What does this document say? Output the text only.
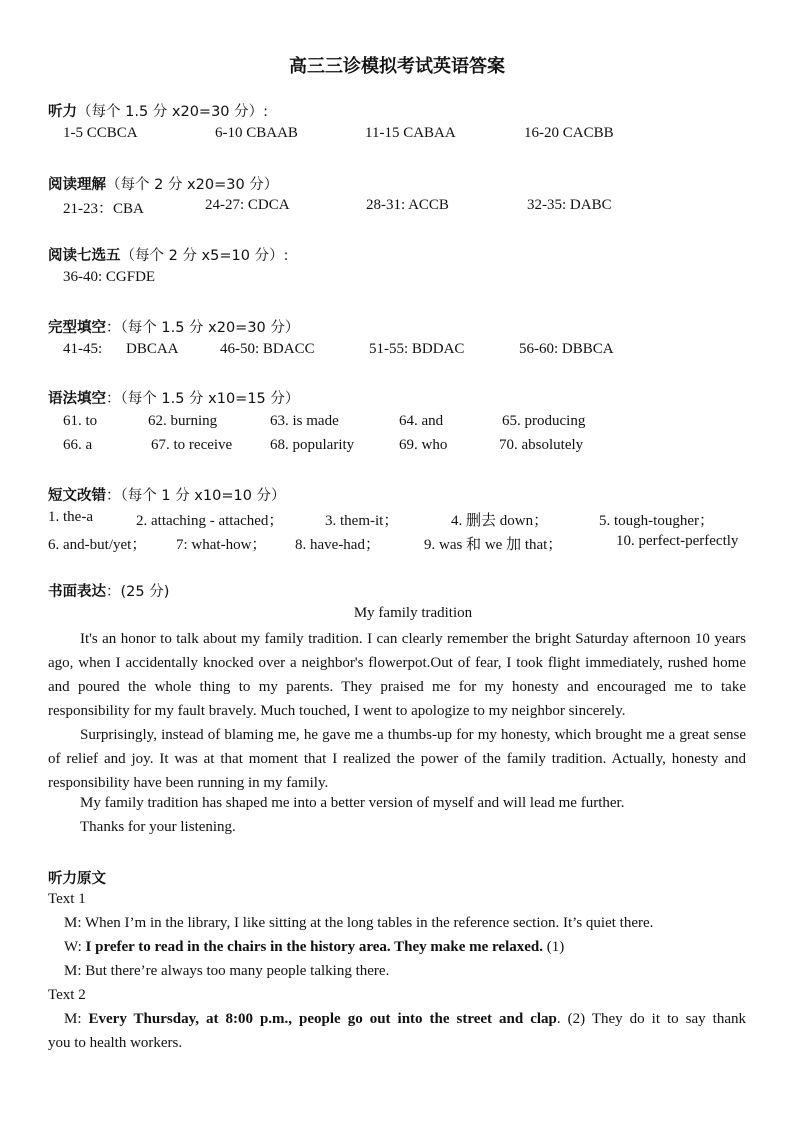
高三三诊模拟考试英语答案
听力（每个 1.5 分 x20=30 分）:
1-5 CCBCA	6-10 CBAAB	11-15 CABAA	16-20 CACBB
阅读理解（每个 2 分 x20=30 分）
21-23：CBA	24-27: CDCA	28-31: ACCB	32-35: DABC
阅读七选五（每个 2 分 x5=10 分）:
36-40: CGFDE
完型填空：（每个 1.5 分 x20=30 分）
41-45: DBCAA	46-50: BDACC	51-55: BDDAC	56-60: DBBCA
语法填空：（每个 1.5 分 x10=15 分）
61. to	62. burning	63. is made	64. and	65. producing
66. a	67. to receive	68. popularity	69. who	70. absolutely
短文改错：（每个 1 分 x10=10 分）
1. the-a	2. attaching - attached；	3. them-it；	4. 删去 down；	5. tough-tougher；
6. and-but/yet； 7: what-how； 8. have-had；	9. was 和 we 加 that；	10. perfect-perfectly
书面表达：(25 分)
My family tradition
It's an honor to talk about my family tradition. I can clearly remember the bright Saturday afternoon 10 years ago, when I accidentally knocked over a neighbor's flowerpot.Out of fear, I took flight immediately, rushed home and poured the whole thing to my parents. They praised me for my honesty and encouraged me to take responsibility for my fault bravely. Much touched, I went to apologize to my neighbor sincerely.
Surprisingly, instead of blaming me, he gave me a thumbs-up for my honesty, which brought me a great sense of relief and joy. It was at that moment that I realized the power of the family tradition. Actually, honesty and responsibility have been running in my family.
My family tradition has shaped me into a better version of myself and will lead me further.
Thanks for your listening.
听力原文
Text 1
M: When I’m in the library, I like sitting at the long tables in the reference section. It’s quiet there.
W: I prefer to read in the chairs in the history area. They make me relaxed. (1)
M: But there’re always too many people talking there.
Text 2
M: Every Thursday, at 8:00 p.m., people go out into the street and clap. (2) They do it to say thank
you to health workers.
